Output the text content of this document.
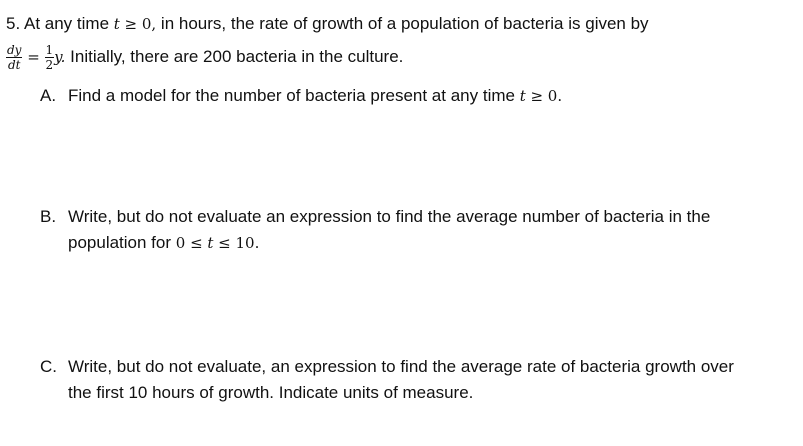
5. At any time t ≥ 0, in hours, the rate of growth of a population of bacteria is given by
$\frac{dy}{dt} = \frac{1}{2} y$. Initially, there are 200 bacteria in the culture.
A. Find a model for the number of bacteria present at any time t ≥ 0.
B. Write, but do not evaluate an expression to find the average number of bacteria in the
population for 0 ≤ t ≤ 10.
C. Write, but do not evaluate, an expression to find the average rate of bacteria growth over
the first 10 hours of growth. Indicate units of measure.
